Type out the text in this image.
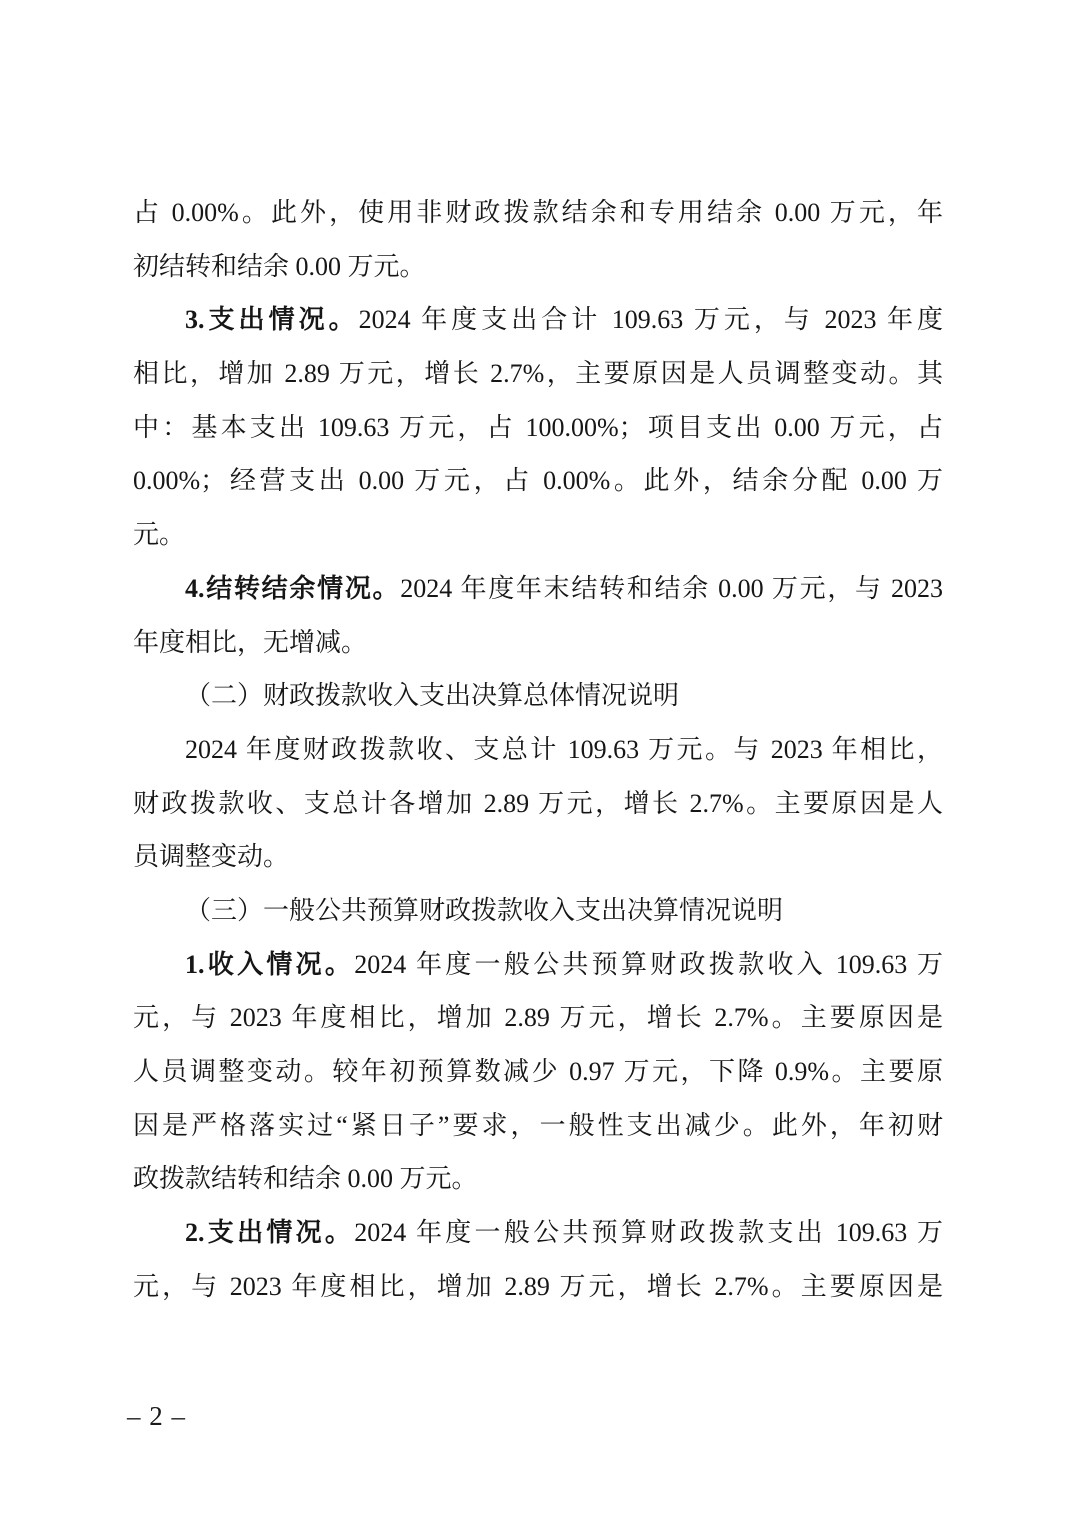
占 0.00%。此外，使用非财政拨款结余和专用结余 0.00 万元，年
初结转和结余 0.00 万元。
3.支出情况。2024 年度支出合计 109.63 万元，与 2023 年度
相比，增加 2.89 万元，增长 2.7%，主要原因是人员调整变动。其
中：基本支出 109.63 万元，占 100.00%；项目支出 0.00 万元，占
0.00%；经营支出 0.00 万元，占 0.00%。此外，结余分配 0.00 万
元。
4.结转结余情况。2024 年度年末结转和结余 0.00 万元，与 2023
年度相比，无增减。
（二）财政拨款收入支出决算总体情况说明
2024 年度财政拨款收、支总计 109.63 万元。与 2023 年相比，
财政拨款收、支总计各增加 2.89 万元，增长 2.7%。主要原因是人
员调整变动。
（三）一般公共预算财政拨款收入支出决算情况说明
1.收入情况。2024 年度一般公共预算财政拨款收入 109.63 万
元，与 2023 年度相比，增加 2.89 万元，增长 2.7%。主要原因是
人员调整变动。较年初预算数减少 0.97 万元，下降 0.9%。主要原
因是严格落实过“紧日子”要求，一般性支出减少。此外，年初财
政拨款结转和结余 0.00 万元。
2.支出情况。2024 年度一般公共预算财政拨款支出 109.63 万
元，与 2023 年度相比，增加 2.89 万元，增长 2.7%。主要原因是
– 2 –
